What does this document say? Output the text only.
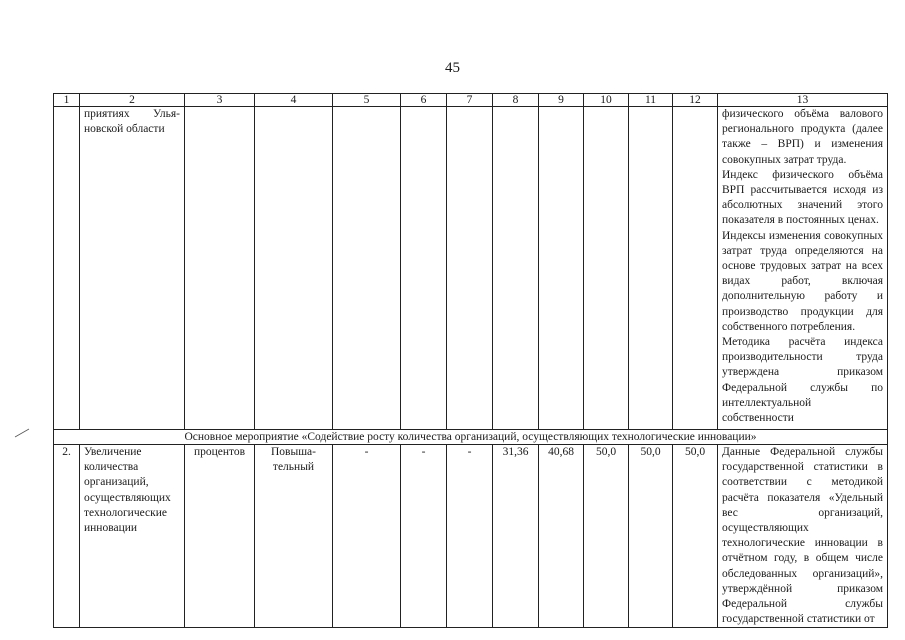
45
1	2	3	4	5	6	7	8	9	10	11	12	13
	приятиях Улья-новской области											физического объёма валового регионального продукта (далее также – ВРП) и изменения совокупных затрат труда.

Индекс физического объёма ВРП рассчитывается исходя из абсолютных значений этого показателя в постоянных ценах.

Индексы изменения совокупных затрат труда определяются на основе трудовых затрат на всех видах работ, включая дополнительную работу и производство продукции для собственного потребления.

Методика расчёта индекса производительности труда утверждена приказом Федеральной службы по интеллектуальной собственности

Основное мероприятие «Содействие росту количества организаций, осуществляющих технологические инновации»												
2.	Увеличение количества организаций, осуществляющих технологические инновации	процентов	Повыша-тельный	-	-	-	31,36	40,68	50,0	50,0	50,0	Данные Федеральной службы государственной статистики в соответствии с методикой расчёта показателя «Удельный вес организаций, осуществляющих технологические инновации в отчётном году, в общем числе обследованных организаций», утверждённой приказом Федеральной службы государственной статистики от
